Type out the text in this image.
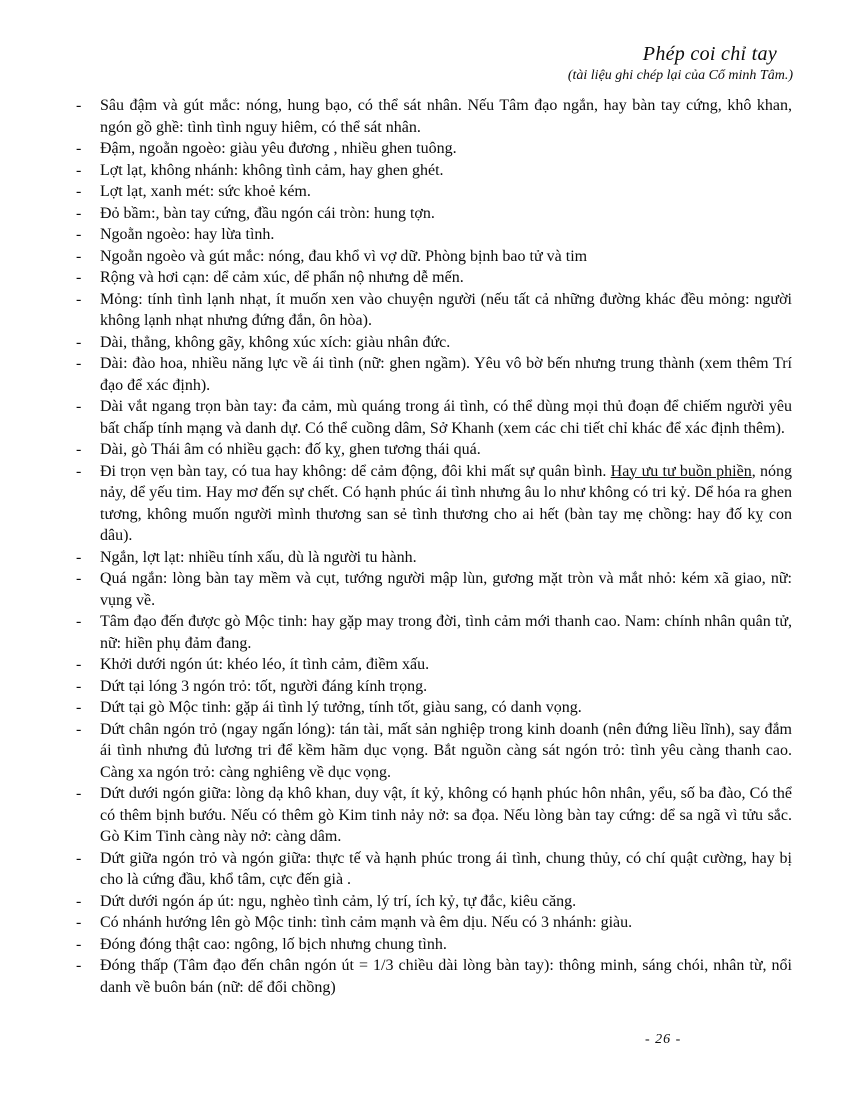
Phép coi chỉ tay
(tài liệu ghi chép lại của Cổ minh Tâm.)
- Sâu đậm và gút mắc: nóng, hung bạo, có thể sát nhân. Nếu Tâm đạo ngắn, hay bàn tay cứng, khô khan, ngón gồ ghề: tình tình nguy hiêm, có thể sát nhân.
- Đậm, ngoằn ngoèo: giàu yêu đương , nhiều ghen tuông.
- Lợt lạt, không nhánh: không tình cảm, hay ghen ghét.
- Lợt lạt, xanh mét: sức khoẻ kém.
- Đỏ bầm:, bàn tay cứng, đầu ngón cái tròn: hung tợn.
- Ngoằn ngoèo: hay lừa tình.
- Ngoằn ngoèo và gút mắc: nóng, đau khổ vì vợ dữ. Phòng bịnh bao tử và tim
- Rộng và hơi cạn: dể cảm xúc, dể phẩn nộ nhưng dễ mến.
- Mỏng: tính tình lạnh nhạt, ít muốn xen vào chuyện người (nếu tất cả những đường khác đều mỏng: người không lạnh nhạt nhưng đứng đắn, ôn hòa).
- Dài, thẳng, không gãy, không xúc xích: giàu nhân đức.
- Dài: đào hoa, nhiều năng lực về ái tình (nữ: ghen ngầm). Yêu vô bờ bến nhưng trung thành (xem thêm Trí đạo để xác định).
- Dài vắt ngang trọn bàn tay: đa cảm, mù quáng trong ái tình, có thể dùng mọi thủ đoạn để chiếm người yêu bất chấp tính mạng và danh dự. Có thể cuồng dâm, Sở Khanh (xem các chi tiết chỉ khác để xác định thêm).
- Dài, gò Thái âm có nhiều gạch: đố kỵ, ghen tương thái quá.
- Đi trọn vẹn bàn tay, có tua hay không: dể cảm động, đôi khi mất sự quân bình. Hay ưu tư buồn phiền, nóng nảy, dể yếu tim. Hay mơ đến sự chết. Có hạnh phúc ái tình nhưng âu lo như không có tri kỷ. Dể hóa ra ghen tương, không muốn người mình thương san sẻ tình thương cho ai hết (bàn tay mẹ chồng: hay đố kỵ con dâu).
- Ngắn, lợt lạt: nhiều tính xấu, dù là người tu hành.
- Quá ngắn: lòng bàn tay mềm và cụt, tướng người mập lùn, gương mặt tròn và mắt nhỏ: kém xã giao, nữ: vụng về.
- Tâm đạo đến được gò Mộc tinh: hay gặp may trong đời, tình cảm mới thanh cao. Nam: chính nhân quân tử, nữ: hiền phụ đảm đang.
- Khởi dưới ngón út: khéo léo, ít tình cảm, điềm xấu.
- Dứt tại lóng 3 ngón trỏ: tốt, người đáng kính trọng.
- Dứt tại gò Mộc tinh: gặp ái tình lý tưởng, tính tốt, giàu sang, có danh vọng.
- Dứt chân ngón trỏ (ngay ngấn lóng): tán tài, mất sản nghiệp trong kinh doanh (nên đứng liều lĩnh), say đắm ái tình nhưng đủ lương tri để kềm hãm dục vọng. Bắt nguồn càng sát ngón trỏ: tình yêu càng thanh cao. Càng xa ngón trỏ: càng nghiêng về dục vọng.
- Dứt dưới ngón giữa: lòng dạ khô khan, duy vật, ít kỷ, không có hạnh phúc hôn nhân, yểu, số ba đào, Có thể có thêm bịnh bướu. Nếu có thêm gò Kim tinh nảy nở: sa đọa. Nếu lòng bàn tay cứng: dể sa ngã vì tửu sắc. Gò Kim Tinh càng này nở: càng dâm.
- Dứt giữa ngón trỏ và ngón giữa: thực tế và hạnh phúc trong ái tình, chung thủy, có chí quật cường, hay bị cho là cứng đầu, khổ tâm, cực đến già .
- Dứt dưới ngón áp út: ngu, nghèo tình cảm, lý trí, ích kỷ, tự đắc, kiêu căng.
- Có nhánh hướng lên gò Mộc tinh: tình cảm mạnh và êm dịu. Nếu có 3 nhánh: giàu.
- Đóng đóng thật cao: ngông, lố bịch nhưng chung tình.
- Đóng thấp (Tâm đạo đến chân ngón út = 1/3 chiều dài lòng bàn tay): thông minh, sáng chói, nhân từ, nổi danh về buôn bán (nữ: dể đổi chồng)
- 26 -
